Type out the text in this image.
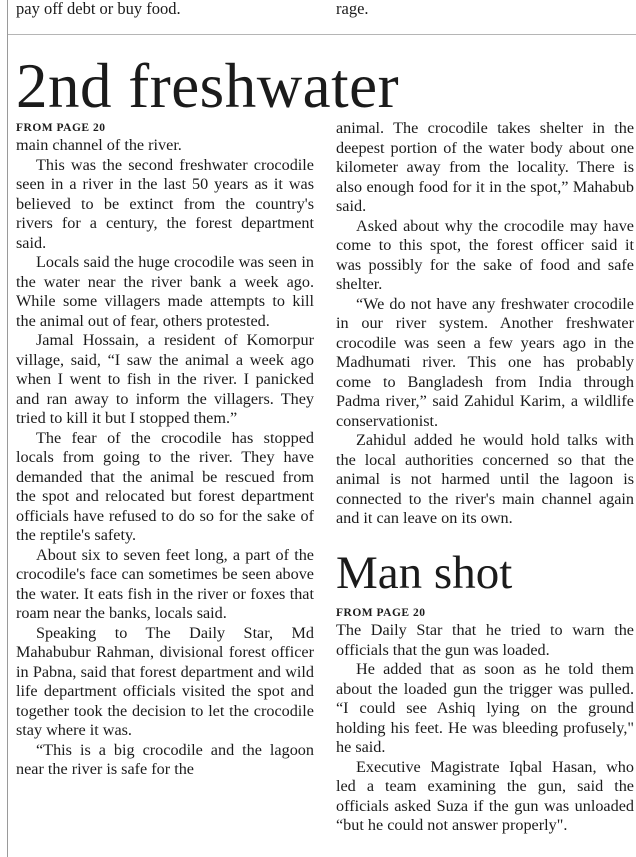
pay off debt or buy food.	rage.
2nd freshwater

FROM PAGE 20

main channel of the river.

This was the second freshwater crocodile seen in a river in the last 50 years as it was believed to be extinct from the country's rivers for a century, the forest department said.

Locals said the huge crocodile was seen in the water near the river bank a week ago. While some villagers made attempts to kill the animal out of fear, others protested.

Jamal Hossain, a resident of Komorpur village, said, “I saw the animal a week ago when I went to fish in the river. I panicked and ran away to inform the villagers. They tried to kill it but I stopped them.”

The fear of the crocodile has stopped locals from going to the river. They have demanded that the animal be rescued from the spot and relocated but forest department officials have refused to do so for the sake of the reptile's safety.

About six to seven feet long, a part of the crocodile's face can sometimes be seen above the water. It eats fish in the river or foxes that roam near the banks, locals said.

Speaking to The Daily Star, Md Mahabubur Rahman, divisional forest officer in Pabna, said that forest department and wild life department officials visited the spot and together took the decision to let the crocodile stay where it was.

“This is a big crocodile and the lagoon near the river is safe for the

animal. The crocodile takes shelter in the deepest portion of the water body about one kilometer away from the locality. There is also enough food for it in the spot,” Mahabub said.

Asked about why the crocodile may have come to this spot, the forest officer said it was possibly for the sake of food and safe shelter.

“We do not have any freshwater crocodile in our river system. Another freshwater crocodile was seen a few years ago in the Madhumati river. This one has probably come to Bangladesh from India through Padma river,” said Zahidul Karim, a wildlife conservationist.

Zahidul added he would hold talks with the local authorities concerned so that the animal is not harmed until the lagoon is connected to the river's main channel again and it can leave on its own.

Man shot

FROM PAGE 20

The Daily Star that he tried to warn the officials that the gun was loaded.

He added that as soon as he told them about the loaded gun the trigger was pulled. “I could see Ashiq lying on the ground holding his feet. He was bleeding profusely," he said.

Executive Magistrate Iqbal Hasan, who led a team examining the gun, said the officials asked Suza if the gun was unloaded “but he could not answer properly".
